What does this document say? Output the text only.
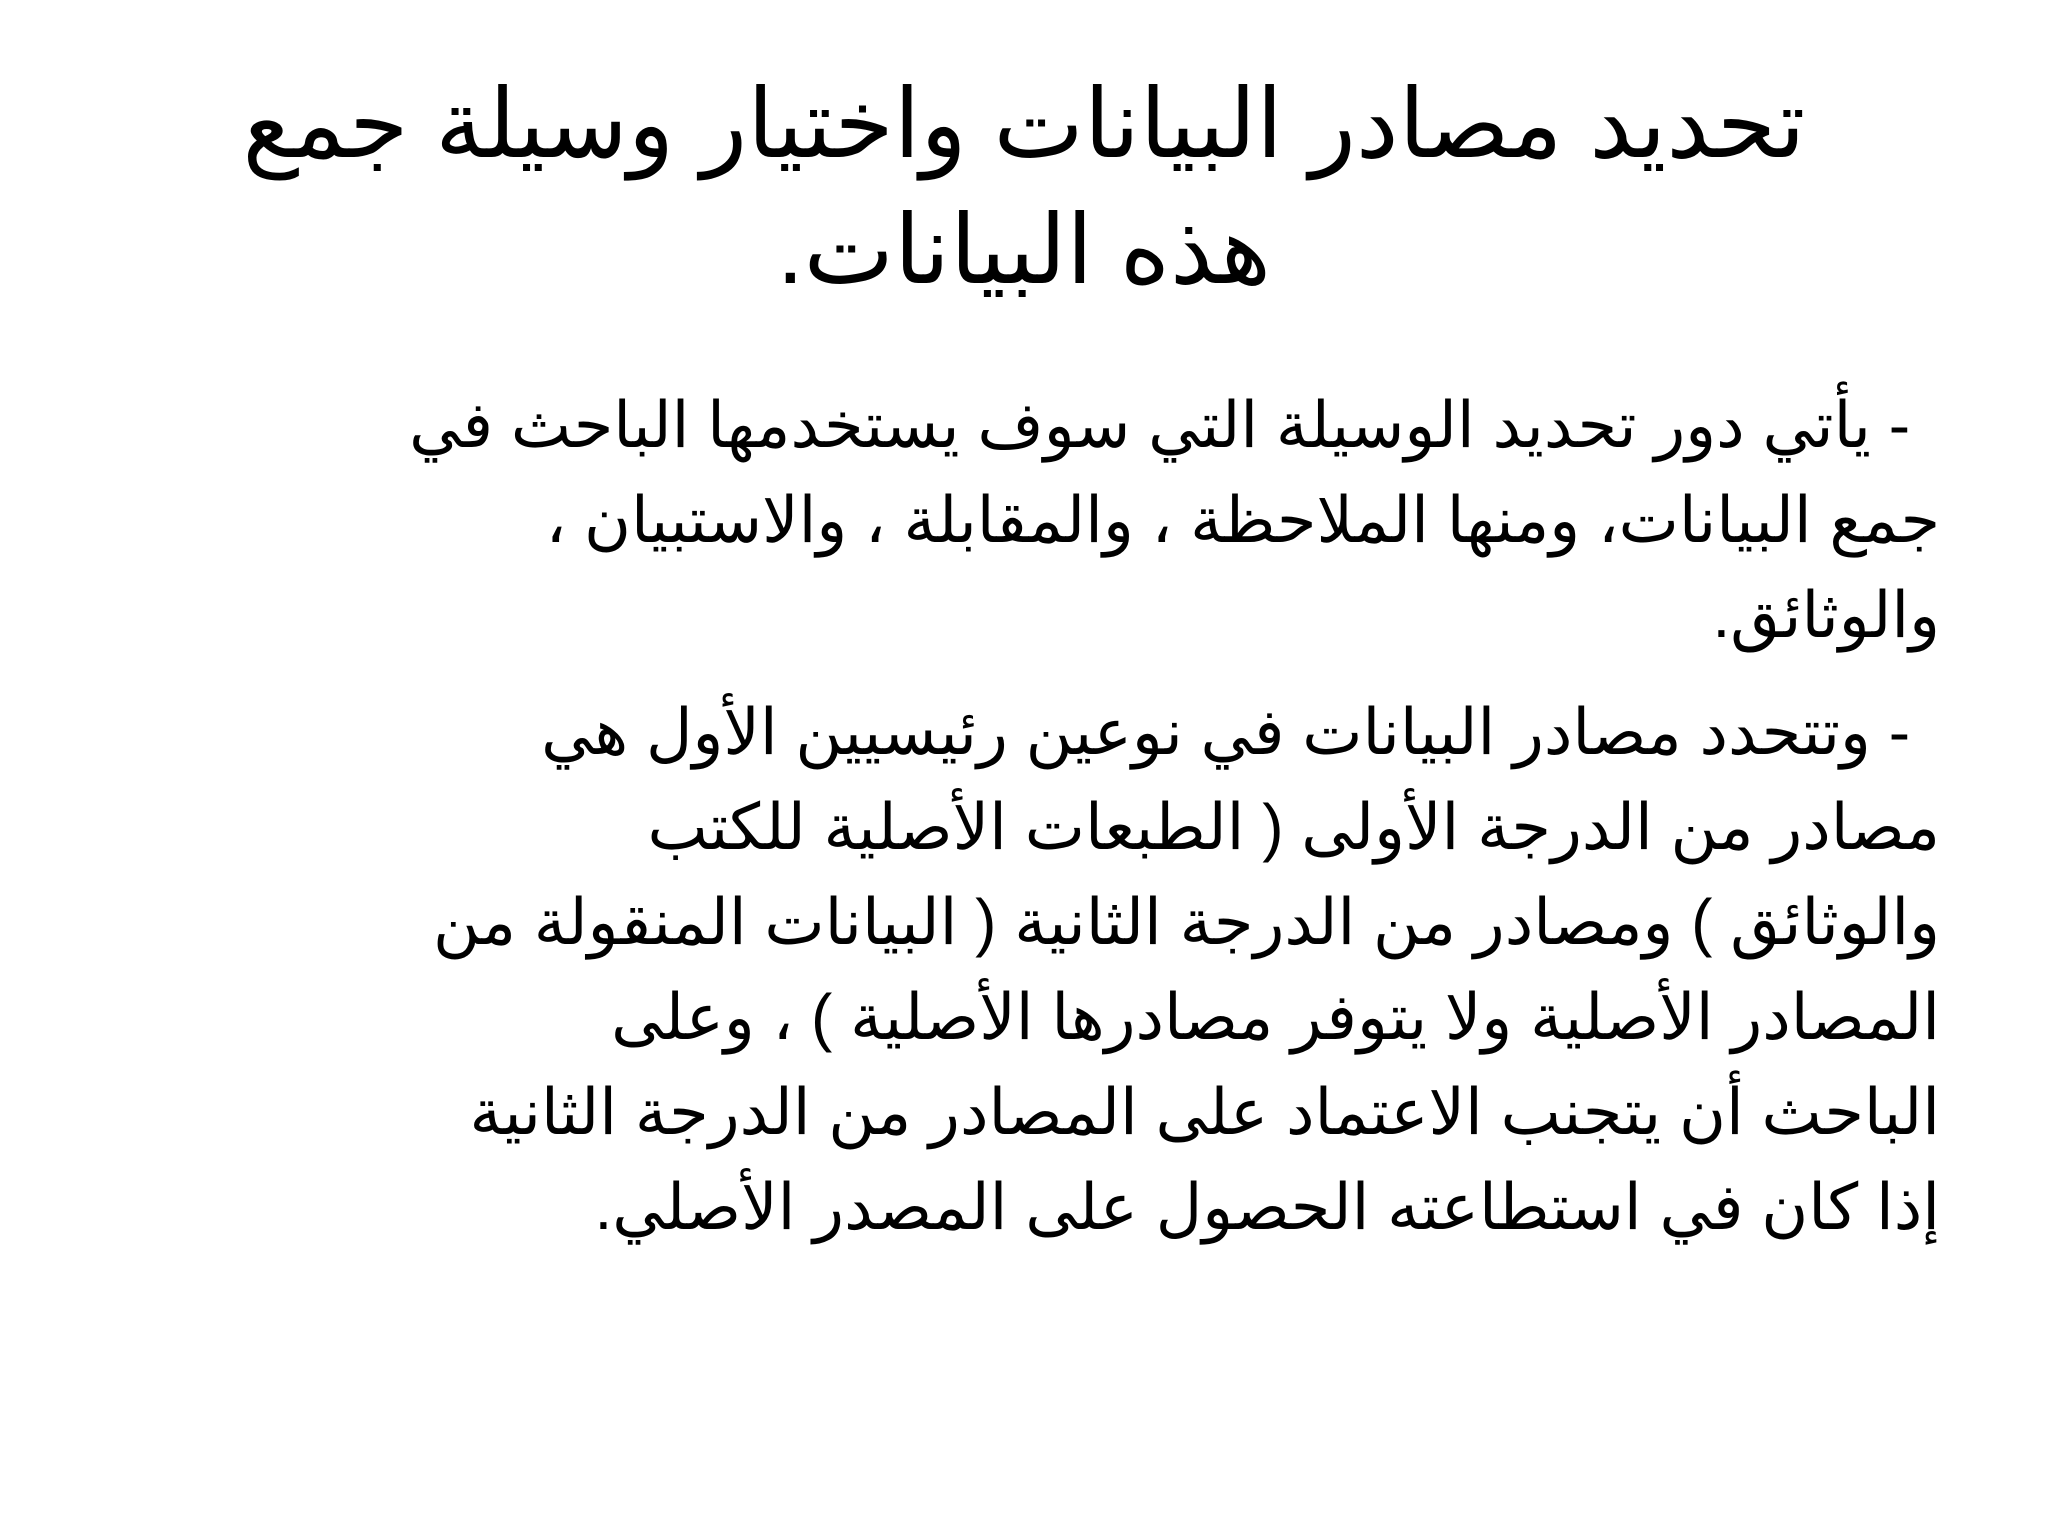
تحديد مصادر البيانات واختيار وسيلة جمع
هذه البيانات.
- يأتي دور تحديد الوسيلة التي سوف يستخدمها الباحث في
جمع البيانات، ومنها الملاحظة ، والمقابلة ، والاستبيان ،
والوثائق.
- وتتحدد مصادر البيانات في نوعين رئيسيين الأول هي
مصادر من الدرجة الأولى ( الطبعات الأصلية للكتب
والوثائق ) ومصادر من الدرجة الثانية ( البيانات المنقولة من
المصادر الأصلية ولا يتوفر مصادرها الأصلية ) ، وعلى
الباحث أن يتجنب الاعتماد على المصادر من الدرجة الثانية
إذا كان في استطاعته الحصول على المصدر الأصلي.
